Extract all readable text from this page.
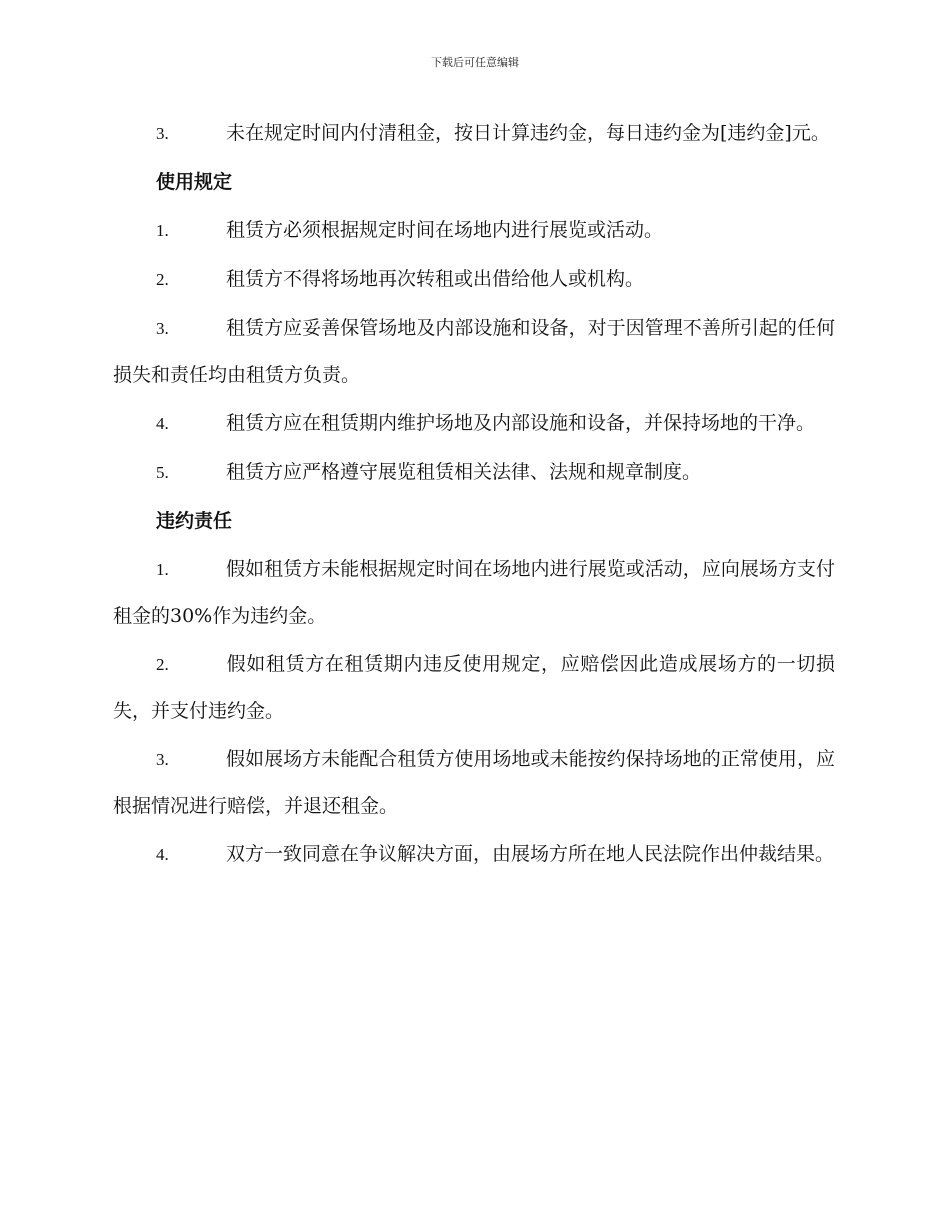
下载后可任意编辑

3.	未在规定时间内付清租金，按日计算违约金，每日违约金为[违约金]元。

使用规定

1.	租赁方必须根据规定时间在场地内进行展览或活动。

2.	租赁方不得将场地再次转租或出借给他人或机构。

3.	租赁方应妥善保管场地及内部设施和设备，对于因管理不善所引起的任何损失和责任均由租赁方负责。

4.	租赁方应在租赁期内维护场地及内部设施和设备，并保持场地的干净。

5.	租赁方应严格遵守展览租赁相关法律、法规和规章制度。

违约责任

1.	假如租赁方未能根据规定时间在场地内进行展览或活动，应向展场方支付租金的30%作为违约金。

2.	假如租赁方在租赁期内违反使用规定，应赔偿因此造成展场方的一切损失，并支付违约金。

3.	假如展场方未能配合租赁方使用场地或未能按约保持场地的正常使用，应根据情况进行赔偿，并退还租金。

4.	双方一致同意在争议解决方面，由展场方所在地人民法院作出仲裁结果。
